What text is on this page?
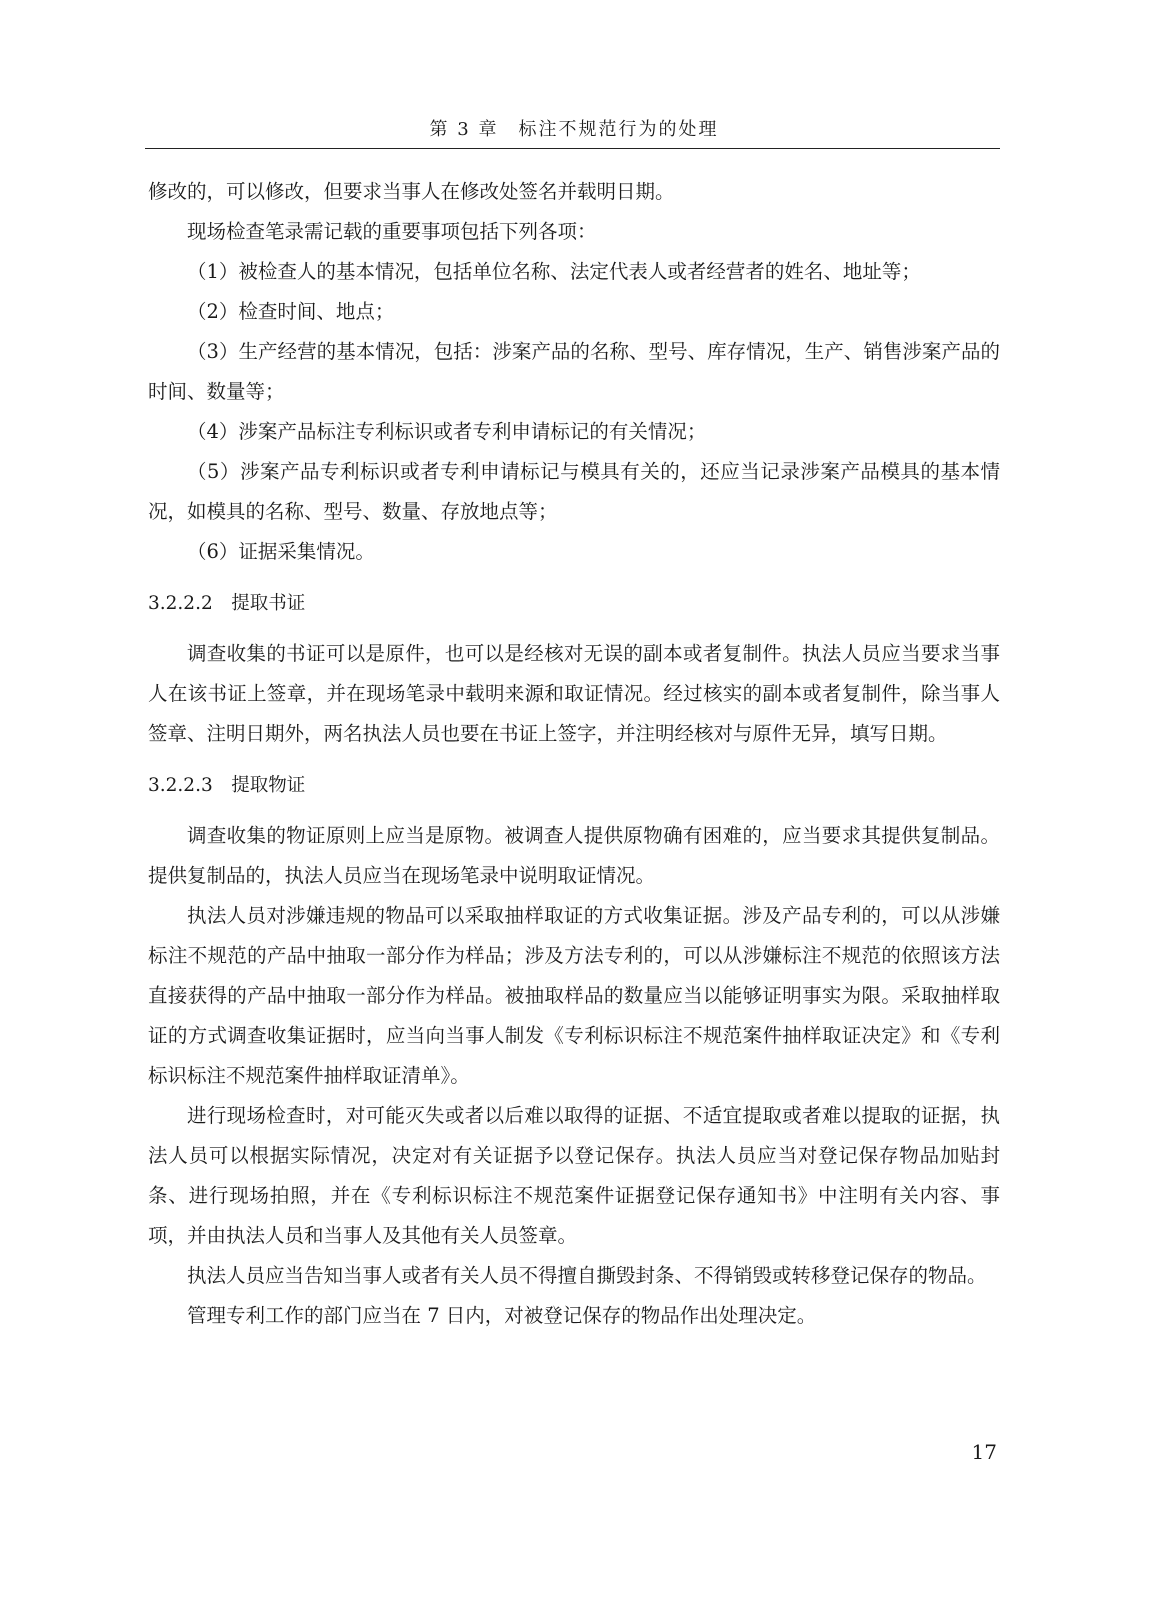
第 3 章　标注不规范行为的处理

修改的，可以修改，但要求当事人在修改处签名并载明日期。

现场检查笔录需记载的重要事项包括下列各项：

（1）被检查人的基本情况，包括单位名称、法定代表人或者经营者的姓名、地址等；

（2）检查时间、地点；

（3）生产经营的基本情况，包括：涉案产品的名称、型号、库存情况，生产、销售涉案产品的时间、数量等；

（4）涉案产品标注专利标识或者专利申请标记的有关情况；

（5）涉案产品专利标识或者专利申请标记与模具有关的，还应当记录涉案产品模具的基本情况，如模具的名称、型号、数量、存放地点等；

（6）证据采集情况。

3.2.2.2　提取书证

调查收集的书证可以是原件，也可以是经核对无误的副本或者复制件。执法人员应当要求当事人在该书证上签章，并在现场笔录中载明来源和取证情况。经过核实的副本或者复制件，除当事人签章、注明日期外，两名执法人员也要在书证上签字，并注明经核对与原件无异，填写日期。

3.2.2.3　提取物证

调查收集的物证原则上应当是原物。被调查人提供原物确有困难的，应当要求其提供复制品。提供复制品的，执法人员应当在现场笔录中说明取证情况。

执法人员对涉嫌违规的物品可以采取抽样取证的方式收集证据。涉及产品专利的，可以从涉嫌标注不规范的产品中抽取一部分作为样品；涉及方法专利的，可以从涉嫌标注不规范的依照该方法直接获得的产品中抽取一部分作为样品。被抽取样品的数量应当以能够证明事实为限。采取抽样取证的方式调查收集证据时，应当向当事人制发《专利标识标注不规范案件抽样取证决定》和《专利标识标注不规范案件抽样取证清单》。

进行现场检查时，对可能灭失或者以后难以取得的证据、不适宜提取或者难以提取的证据，执法人员可以根据实际情况，决定对有关证据予以登记保存。执法人员应当对登记保存物品加贴封条、进行现场拍照，并在《专利标识标注不规范案件证据登记保存通知书》中注明有关内容、事项，并由执法人员和当事人及其他有关人员签章。

执法人员应当告知当事人或者有关人员不得擅自撕毁封条、不得销毁或转移登记保存的物品。

管理专利工作的部门应当在 7 日内，对被登记保存的物品作出处理决定。

17
